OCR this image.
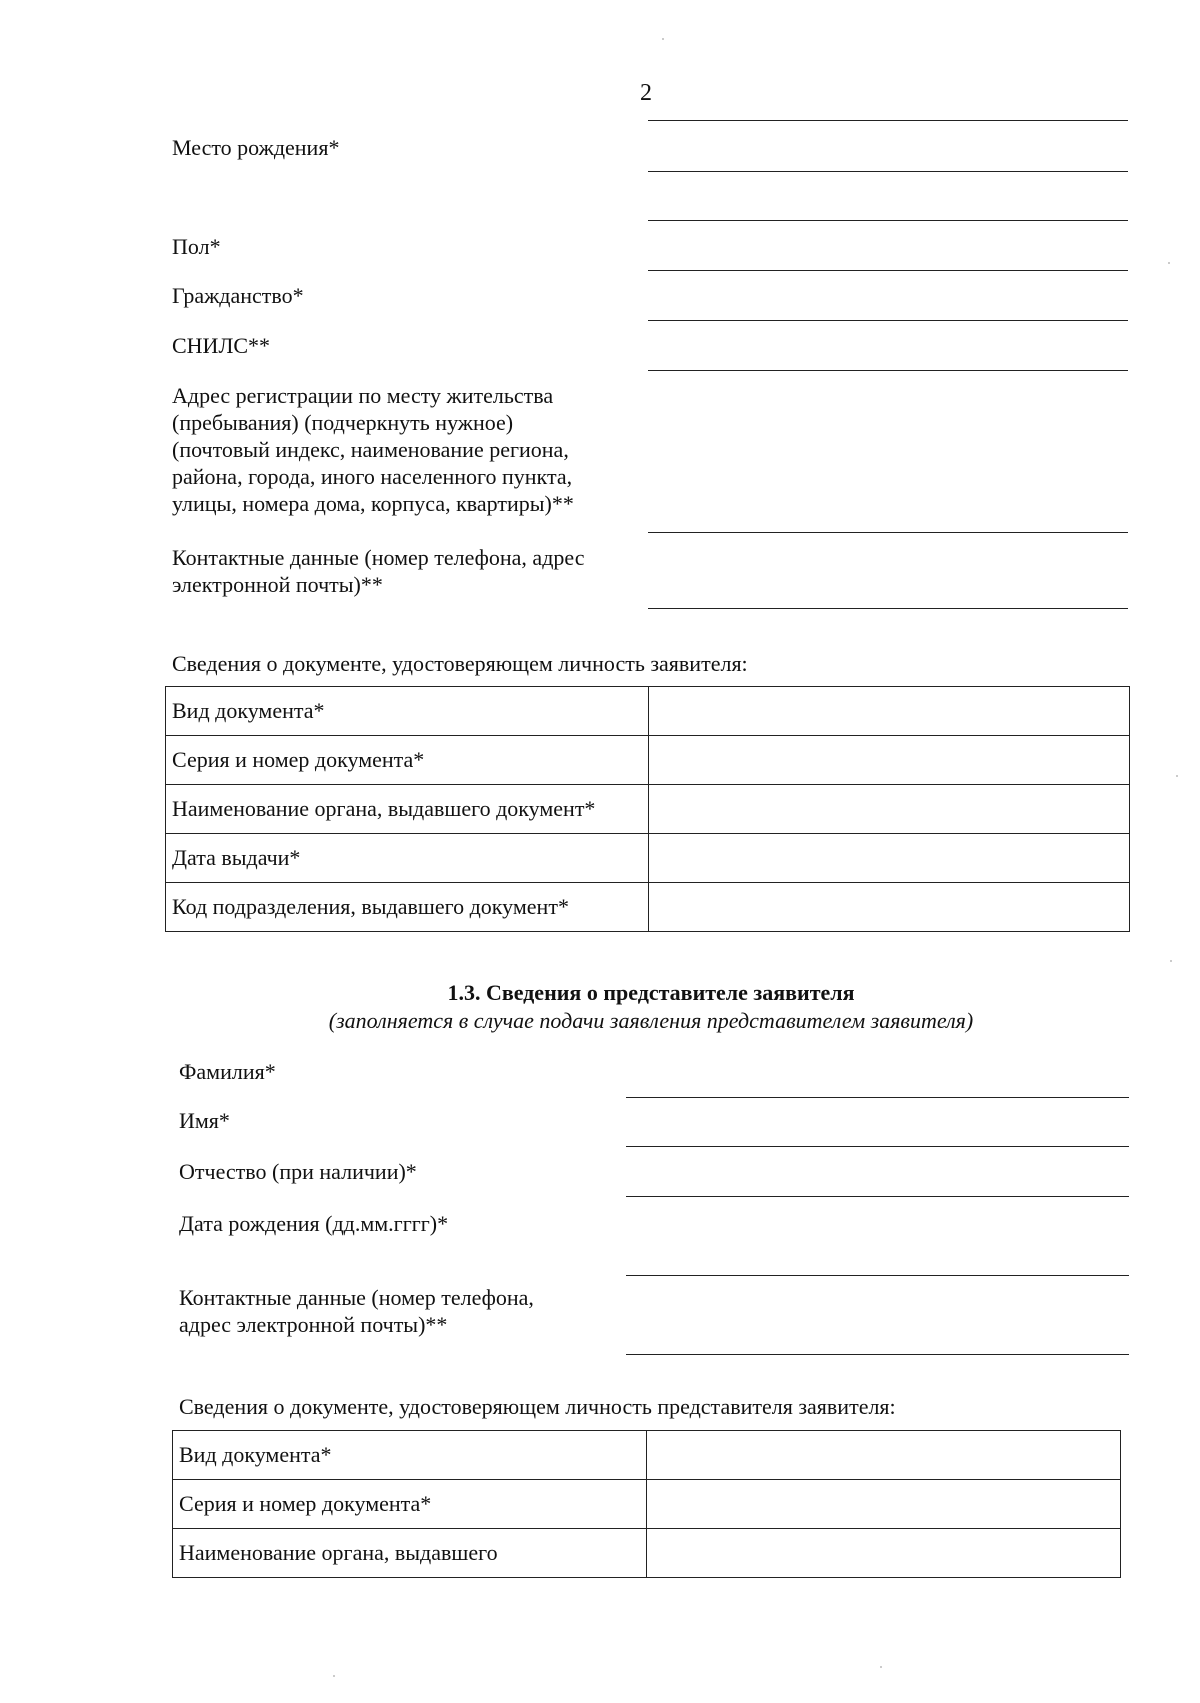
2
Место рождения*
Пол*
Гражданство*
СНИЛС**
Адрес регистрации по месту жительства
(пребывания) (подчеркнуть нужное)
(почтовый индекс, наименование региона,
района, города, иного населенного пункта,
улицы, номера дома, корпуса, квартиры)**
Контактные данные (номер телефона, адрес
электронной почты)**
Сведения о документе, удостоверяющем личность заявителя:
Вид документа*	
Серия и номер документа*	
Наименование органа, выдавшего документ*	
Дата выдачи*	
Код подразделения, выдавшего документ*	
1.3. Сведения о представителе заявителя
(заполняется в случае подачи заявления представителем заявителя)
Фамилия*
Имя*
Отчество (при наличии)*
Дата рождения (дд.мм.гггг)*
Контактные данные (номер телефона,
адрес электронной почты)**
Сведения о документе, удостоверяющем личность представителя заявителя:
Вид документа*	
Серия и номер документа*	
Наименование органа, выдавшего	
